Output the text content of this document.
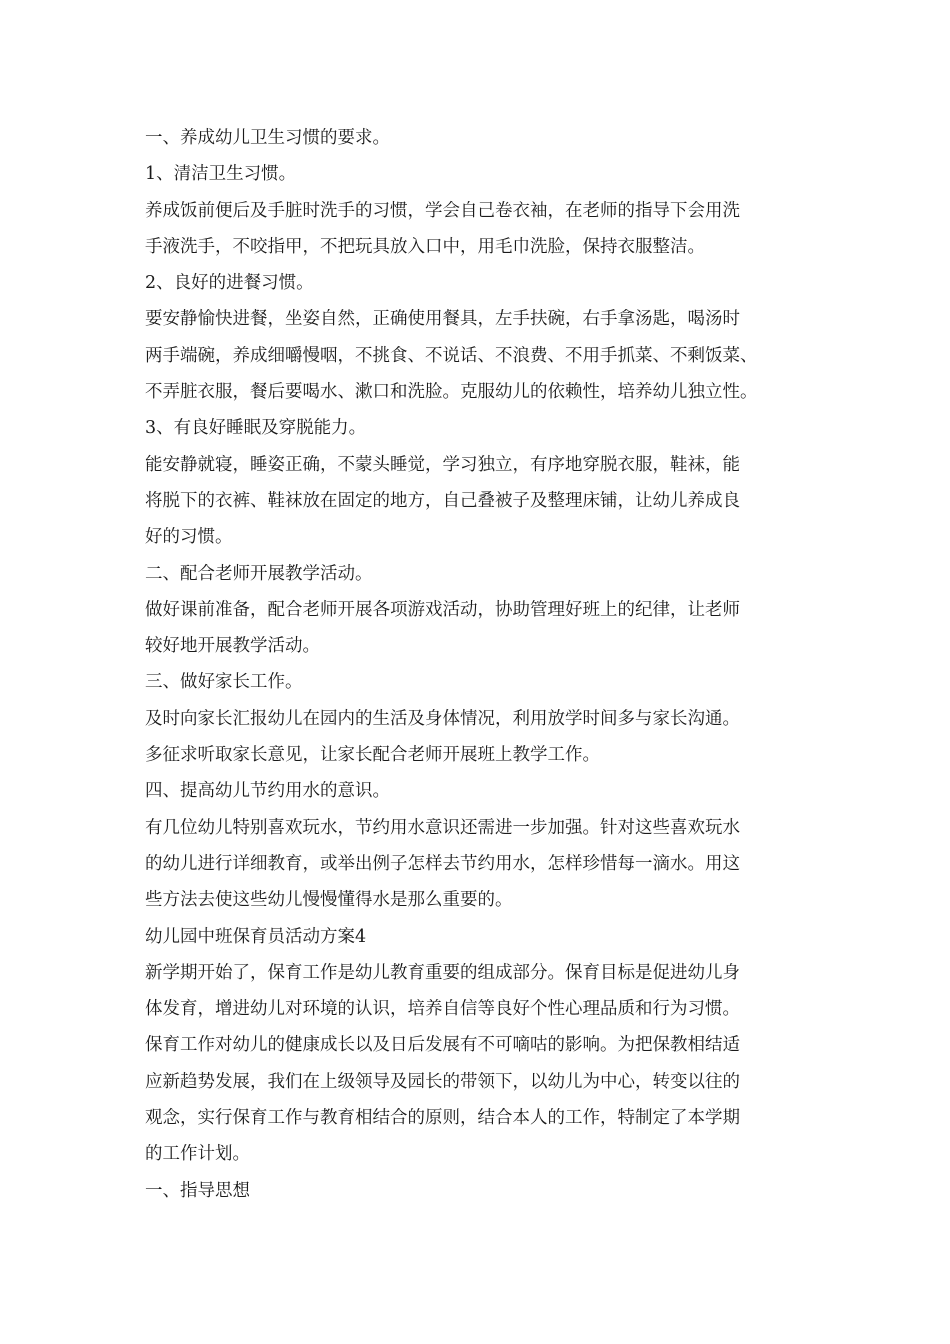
一、养成幼儿卫生习惯的要求。
1、清洁卫生习惯。
养成饭前便后及手脏时洗手的习惯，学会自己卷衣袖，在老师的指导下会用洗
手液洗手，不咬指甲，不把玩具放入口中，用毛巾洗脸，保持衣服整洁。
2、良好的进餐习惯。
要安静愉快进餐，坐姿自然，正确使用餐具，左手扶碗，右手拿汤匙，喝汤时
两手端碗，养成细嚼慢咽，不挑食、不说话、不浪费、不用手抓菜、不剩饭菜、
不弄脏衣服，餐后要喝水、漱口和洗脸。克服幼儿的依赖性，培养幼儿独立性。
3、有良好睡眠及穿脱能力。
能安静就寝，睡姿正确，不蒙头睡觉，学习独立，有序地穿脱衣服，鞋袜，能
将脱下的衣裤、鞋袜放在固定的地方，自己叠被子及整理床铺，让幼儿养成良
好的习惯。
二、配合老师开展教学活动。
做好课前准备，配合老师开展各项游戏活动，协助管理好班上的纪律，让老师
较好地开展教学活动。
三、做好家长工作。
及时向家长汇报幼儿在园内的生活及身体情况，利用放学时间多与家长沟通。
多征求听取家长意见，让家长配合老师开展班上教学工作。
四、提高幼儿节约用水的意识。
有几位幼儿特别喜欢玩水，节约用水意识还需进一步加强。针对这些喜欢玩水
的幼儿进行详细教育，或举出例子怎样去节约用水，怎样珍惜每一滴水。用这
些方法去使这些幼儿慢慢懂得水是那么重要的。
幼儿园中班保育员活动方案4
新学期开始了，保育工作是幼儿教育重要的组成部分。保育目标是促进幼儿身
体发育，增进幼儿对环境的认识，培养自信等良好个性心理品质和行为习惯。
保育工作对幼儿的健康成长以及日后发展有不可嘀咕的影响。为把保教相结适
应新趋势发展，我们在上级领导及园长的带领下，以幼儿为中心，转变以往的
观念，实行保育工作与教育相结合的原则，结合本人的工作，特制定了本学期
的工作计划。
一、指导思想
